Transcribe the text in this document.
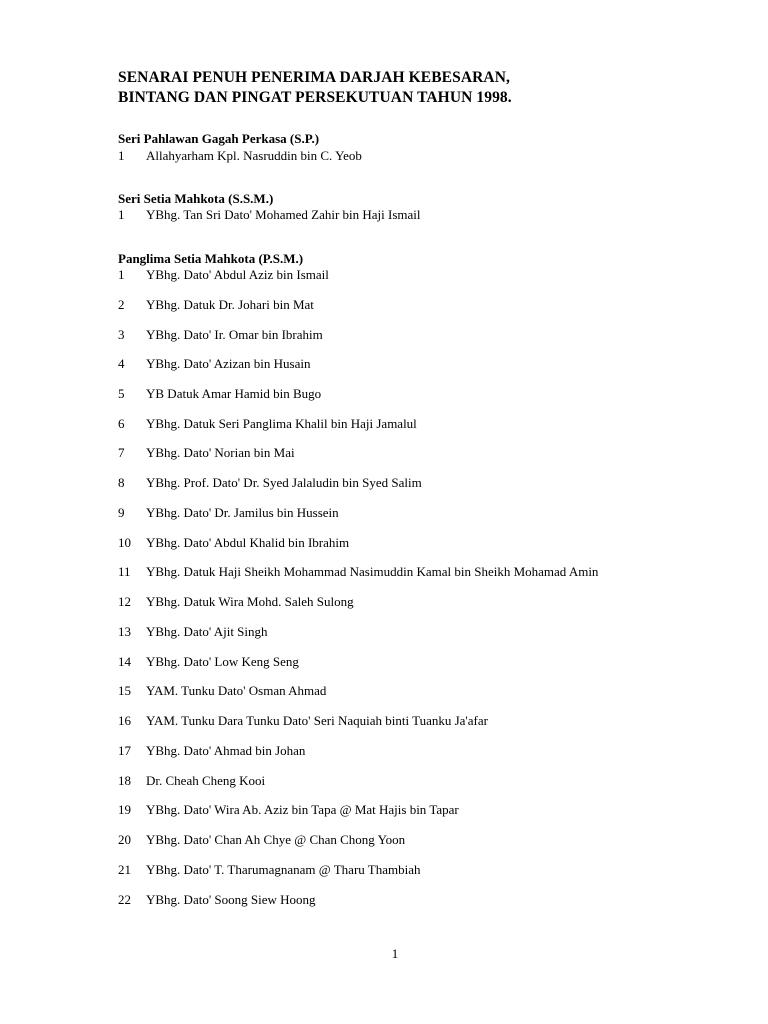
SENARAI PENUH PENERIMA DARJAH KEBESARAN,
BINTANG DAN PINGAT PERSEKUTUAN TAHUN 1998.
Seri Pahlawan Gagah Perkasa (S.P.)
1 Allahyarham Kpl. Nasruddin bin C. Yeob
Seri Setia Mahkota (S.S.M.)
1 YBhg. Tan Sri Dato' Mohamed Zahir bin Haji Ismail
Panglima Setia Mahkota (P.S.M.)
1 YBhg. Dato' Abdul Aziz bin Ismail
2 YBhg. Datuk Dr. Johari bin Mat
3 YBhg. Dato' Ir. Omar bin Ibrahim
4 YBhg. Dato' Azizan bin Husain
5 YB Datuk Amar Hamid bin Bugo
6 YBhg. Datuk Seri Panglima Khalil bin Haji Jamalul
7 YBhg. Dato' Norian bin Mai
8 YBhg. Prof. Dato' Dr. Syed Jalaludin bin Syed Salim
9 YBhg. Dato' Dr. Jamilus bin Hussein
10 YBhg. Dato' Abdul Khalid bin Ibrahim
11 YBhg. Datuk Haji Sheikh Mohammad Nasimuddin Kamal bin Sheikh Mohamad Amin
12 YBhg. Datuk Wira Mohd. Saleh Sulong
13 YBhg. Dato' Ajit Singh
14 YBhg. Dato' Low Keng Seng
15 YAM. Tunku Dato' Osman Ahmad
16 YAM. Tunku Dara Tunku Dato' Seri Naquiah binti Tuanku Ja'afar
17 YBhg. Dato' Ahmad bin Johan
18 Dr. Cheah Cheng Kooi
19 YBhg. Dato' Wira Ab. Aziz bin Tapa @ Mat Hajis bin Tapar
20 YBhg. Dato' Chan Ah Chye @ Chan Chong Yoon
21 YBhg. Dato' T. Tharumagnanam @ Tharu Thambiah
22 YBhg. Dato' Soong Siew Hoong
1
